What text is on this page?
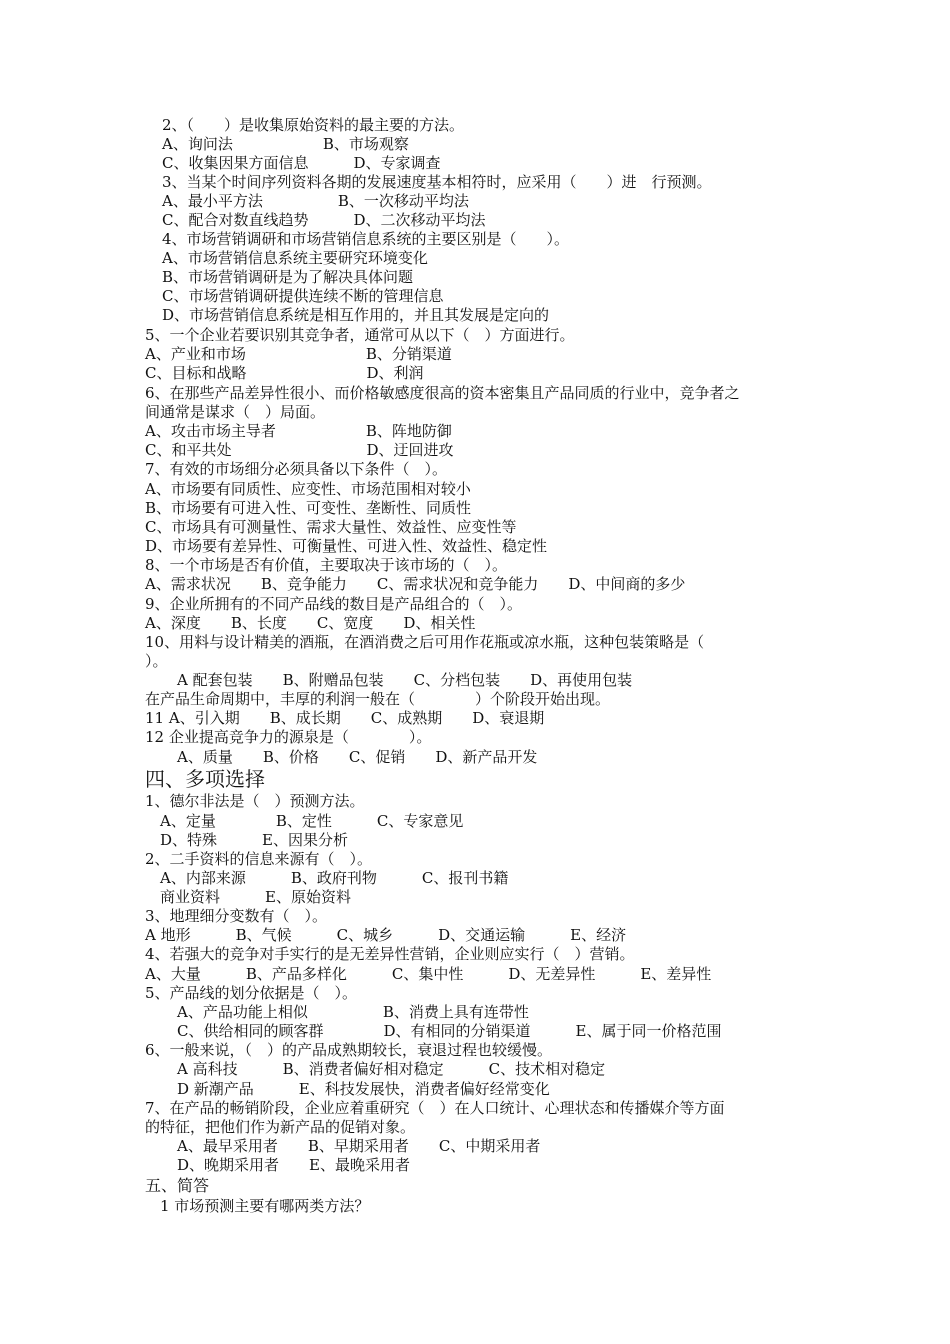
2、（　　）是收集原始资料的最主要的方法。
A、询问法　　　　　　B、市场观察
C、收集因果方面信息　　　D、专家调查
3、当某个时间序列资料各期的发展速度基本相符时，应采用（　　）进　行预测。
A、最小平方法　　　　　B、一次移动平均法
C、配合对数直线趋势　　　D、二次移动平均法
4、市场营销调研和市场营销信息系统的主要区别是（　　）。
A、市场营销信息系统主要研究环境变化
B、市场营销调研是为了解决具体问题
C、市场营销调研提供连续不断的管理信息
D、市场营销信息系统是相互作用的，并且其发展是定向的
5、一个企业若要识别其竞争者，通常可从以下（　）方面进行。
A、产业和市场　　　　　　　　B、分销渠道
C、目标和战略　　　　　　　　D、利润
6、在那些产品差异性很小、而价格敏感度很高的资本密集且产品同质的行业中，竞争者之
间通常是谋求（　）局面。
A、攻击市场主导者　　　　　　B、阵地防御
C、和平共处　　　　　　　　　D、迂回进攻
7、有效的市场细分必须具备以下条件（　）。
A、市场要有同质性、应变性、市场范围相对较小
B、市场要有可进入性、可变性、垄断性、同质性
C、市场具有可测量性、需求大量性、效益性、应变性等
D、市场要有差异性、可衡量性、可进入性、效益性、稳定性
8、一个市场是否有价值，主要取决于该市场的（　）。
A、需求状况　　B、竞争能力　　C、需求状况和竞争能力　　D、中间商的多少
9、企业所拥有的不同产品线的数目是产品组合的（　）。
A、深度　　B、长度　　C、宽度　　D、相关性
10、用料与设计精美的酒瓶，在酒消费之后可用作花瓶或凉水瓶，这种包装策略是（
）。
A 配套包装　　B、附赠品包装　　C、分档包装　　D、再使用包装
在产品生命周期中，丰厚的利润一般在（　　　　）个阶段开始出现。
11 A、引入期　　B、成长期　　C、成熟期　　D、衰退期
12 企业提高竞争力的源泉是（　　　　）。
A、质量　　B、价格　　C、促销　　D、新产品开发
四、多项选择
1、德尔非法是（　）预测方法。
A、定量　　　　B、定性　　　C、专家意见
D、特殊　　　E、因果分析
2、二手资料的信息来源有（　）。
A、内部来源　　　B、政府刊物　　　C、报刊书籍
商业资料　　　E、原始资料
3、地理细分变数有（　）。
A 地形　　　B、气候　　　C、城乡　　　D、交通运输　　　E、经济
4、若强大的竞争对手实行的是无差异性营销，企业则应实行（　）营销。
A、大量　　　B、产品多样化　　　C、集中性　　　D、无差异性　　　E、差异性
5、产品线的划分依据是（　）。
A、产品功能上相似　　　　　B、消费上具有连带性
C、供给相同的顾客群　　　　D、有相同的分销渠道　　　E、属于同一价格范围
6、一般来说，（　）的产品成熟期较长，衰退过程也较缓慢。
A 高科技　　　B、消费者偏好相对稳定　　　C、技术相对稳定
D 新潮产品　　　E、科技发展快，消费者偏好经常变化
7、在产品的畅销阶段，企业应着重研究（　）在人口统计、心理状态和传播媒介等方面
的特征，把他们作为新产品的促销对象。
A、最早采用者　　B、早期采用者　　C、中期采用者
D、晚期采用者　　E、最晚采用者
五、简答
1 市场预测主要有哪两类方法？
